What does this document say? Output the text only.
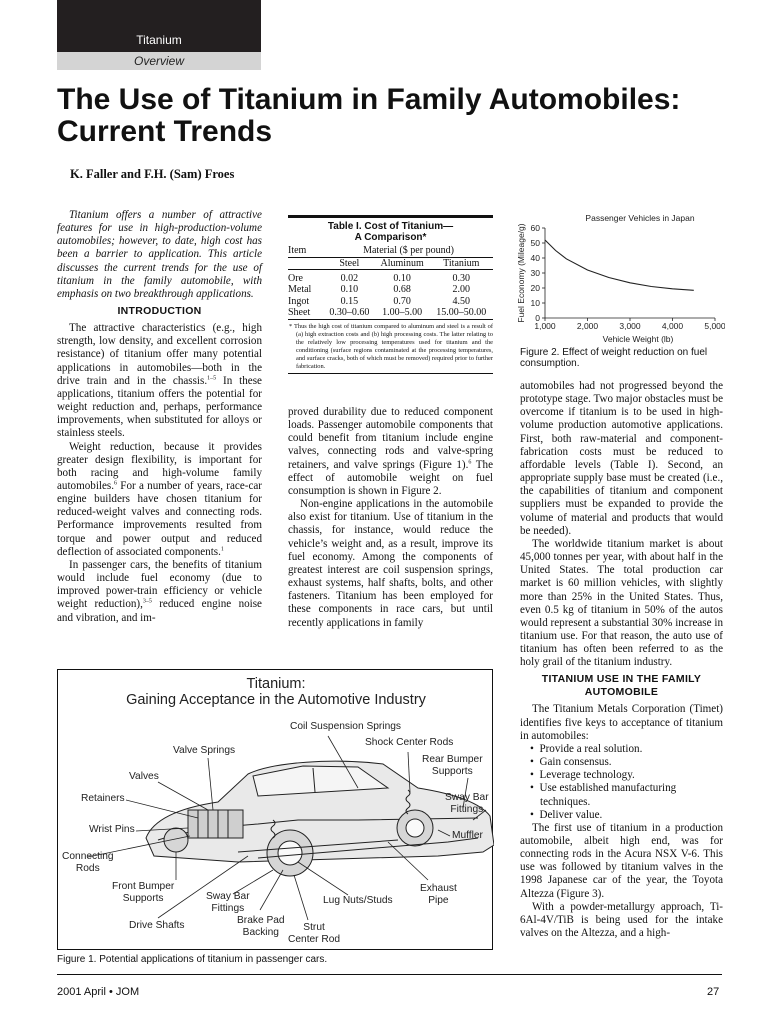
Titanium
Overview
The Use of Titanium in Family Automobiles: Current Trends
K. Faller and F.H. (Sam) Froes

Titanium offers a number of attractive features for use in high-production-volume automobiles; however, to date, high cost has been a barrier to application. This article discusses the current trends for the use of titanium in the family automobile, with emphasis on two breakthrough applications.

INTRODUCTION

The attractive characteristics (e.g., high strength, low density, and excellent corrosion resistance) of titanium offer many potential applications in automobiles—both in the drive train and in the chassis.$^{1-5}$ In these applications, titanium offers the potential for weight reduction and, perhaps, performance improvements, when substituted for alloys or stainless steels.

Weight reduction, because it provides greater design flexibility, is important for both racing and high-volume family automobiles.$^6$ For a number of years, race-car engine builders have chosen titanium for reduced-weight valves and connecting rods. Performance improvements resulted from torque and power output and reduced deflection of associated components.$^1$

In passenger cars, the benefits of titanium would include fuel economy (due to improved power-train efficiency or vehicle weight reduction),$^{3-5}$ reduced engine noise and vibration, and im-

Table I. Cost of Titanium—
A Comparison*
Item	Material ($ per pound)		
	Steel	Aluminum	Titanium

Ore	0.02	0.10	0.30
Metal	0.10	0.68	2.00
Ingot	0.15	0.70	4.50
Sheet	0.30–0.60	1.00–5.00	15.00–50.00
* Thus the high cost of titanium compared to aluminum and steel is a result of (a) high extraction costs and (b) high processing costs. The latter relating to the relatively low processing temperatures used for titanium and the conditioning (surface regions contaminated at the processing temperatures, and surface cracks, both of which must be removed) required prior to further fabrication.

proved durability due to reduced component loads. Passenger automobile components that could benefit from titanium include engine valves, connecting rods and valve-spring retainers, and valve springs (Figure 1).$^6$ The effect of automobile weight on fuel consumption is shown in Figure 2.

Non-engine applications in the automobile also exist for titanium. Use of titanium in the chassis, for instance, would reduce the vehicle’s weight and, as a result, improve its fuel economy. Among the components of greatest interest are coil suspension springs, exhaust systems, half shafts, bolts, and other fasteners. Titanium has been employed for these components in race cars, but until recently applications in family

Passenger Vehicles in Japan
0
10
20
30
40
50
60
1,000 2,000 3,000 4,000 5,000
Vehicle Weight (lb)
Fuel Economy (Mileage/g)
Figure 2. Effect of weight reduction on fuel consumption.

automobiles had not progressed beyond the prototype stage. Two major obstacles must be overcome if titanium is to be used in high-volume production automotive applications. First, both raw-material and component-fabrication costs must be reduced to affordable levels (Table I). Second, an appropriate supply base must be created (i.e., the capabilities of titanium and component suppliers must be expanded to provide the volume of material and products that would be needed).

The worldwide titanium market is about 45,000 tonnes per year, with about half in the United States. The total production car market is 60 million vehicles, with slightly more than 25% in the United States. Thus, even 0.5 kg of titanium in 50% of the autos would represent a substantial 30% increase in titanium use. For that reason, the auto use of titanium has often been referred to as the holy grail of the titanium industry.

TITANIUM USE IN THE FAMILY AUTOMOBILE

The Titanium Metals Corporation (Timet) identifies five keys to acceptance of titanium in automobiles:

•  Provide a real solution.
•  Gain consensus.
•  Leverage technology.
•  Use established manufacturing techniques.
•  Deliver value.

The first use of titanium in a production automobile, albeit high end, was for connecting rods in the Acura NSX V-6. This use was followed by titanium valves in the 1998 Japanese car of the year, the Toyota Altezza (Figure 3).

With a powder-metallurgy approach, Ti-6Al-4V/TiB is being used for the intake valves on the Altezza, and a high-

Titanium:
Gaining Acceptance in the Automotive Industry
Coil Suspension Springs
Shock Center Rods
Valve Springs
Rear Bumper
Supports
Valves
Retainers	Sway Bar
Fittings
Wrist Pins
Muffler
Connecting
Rods
Front Bumper
Supports	Sway Bar
Fittings
Lug Nuts/Studs
Exhaust
Pipe
Drive Shafts	Brake Pad
Backing	Strut
Center Rod
Figure 1. Potential applications of titanium in passenger cars.
2001 April • JOM	27
